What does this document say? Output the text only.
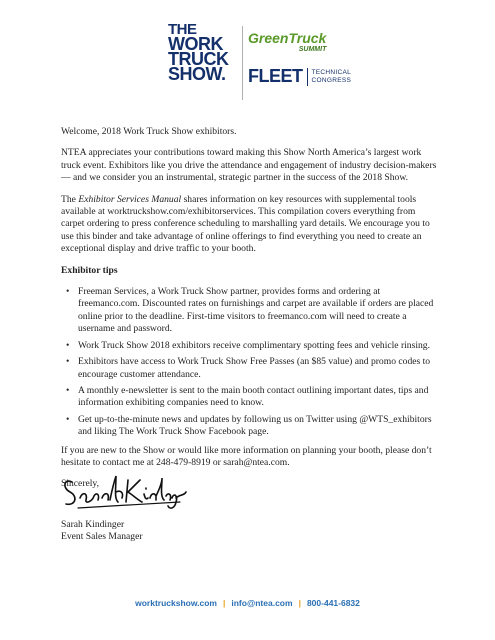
THE
WORK
TRUCK
SHOW.
GreenTruck
SUMMIT
FLEET TECHNICAL
CONGRESS

Welcome, 2018 Work Truck Show exhibitors.

NTEA appreciates your contributions toward making this Show North America’s largest work truck event. Exhibitors like you drive the attendance and engagement of industry decision-makers — and we consider you an instrumental, strategic partner in the success of the 2018 Show.

The Exhibitor Services Manual shares information on key resources with supplemental tools available at worktruckshow.com/exhibitorservices. This compilation covers everything from carpet ordering to press conference scheduling to marshalling yard details. We encourage you to use this binder and take advantage of online offerings to find everything you need to create an exceptional display and drive traffic to your booth.

Exhibitor tips

• Freeman Services, a Work Truck Show partner, provides forms and ordering at freemanco.com. Discounted rates on furnishings and carpet are available if orders are placed online prior to the deadline. First-time visitors to freemanco.com will need to create a username and password.
• Work Truck Show 2018 exhibitors receive complimentary spotting fees and vehicle rinsing.
• Exhibitors have access to Work Truck Show Free Passes (an $85 value) and promo codes to encourage customer attendance.
• A monthly e-newsletter is sent to the main booth contact outlining important dates, tips and information exhibiting companies need to know.
• Get up-to-the-minute news and updates by following us on Twitter using @WTS_exhibitors and liking The Work Truck Show Facebook page.

If you are new to the Show or would like more information on planning your booth, please don’t hesitate to contact me at 248-479-8919 or sarah@ntea.com.

Sincerely,

Sarah Kindinger
Event Sales Manager
worktruckshow.com | info@ntea.com | 800-441-6832
